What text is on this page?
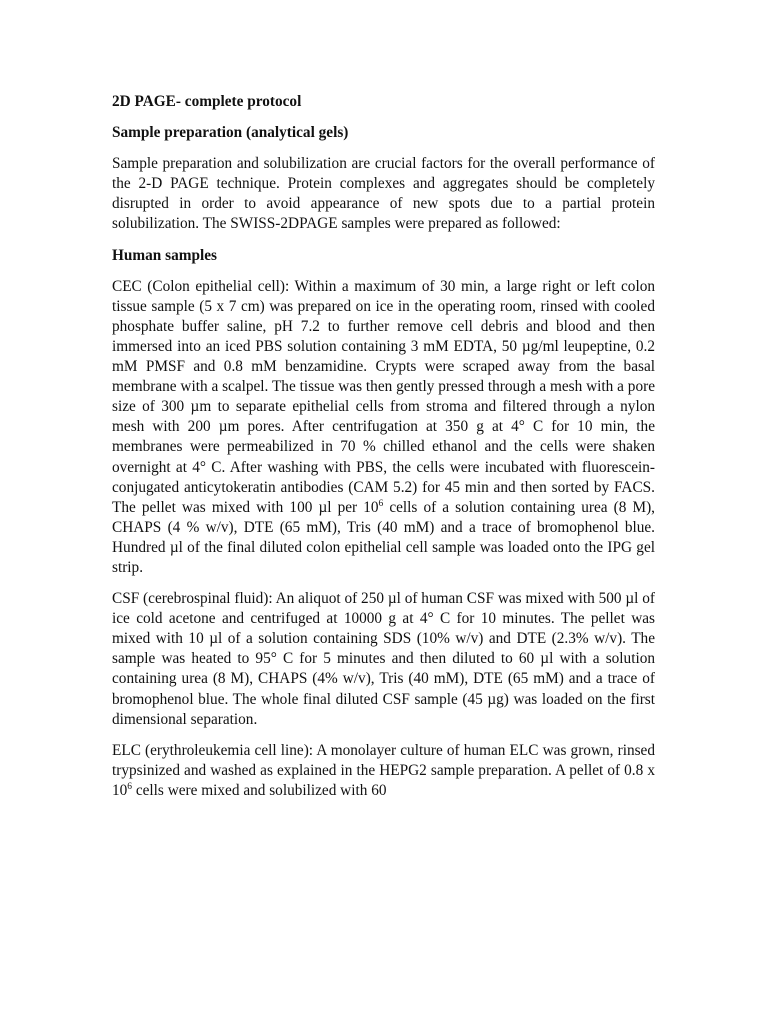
2D PAGE- complete protocol

Sample preparation (analytical gels)

Sample preparation and solubilization are crucial factors for the overall performance of the 2-D PAGE technique. Protein complexes and aggregates should be completely disrupted in order to avoid appearance of new spots due to a partial protein solubilization. The SWISS-2DPAGE samples were prepared as followed:

Human samples

CEC (Colon epithelial cell): Within a maximum of 30 min, a large right or left colon tissue sample (5 x 7 cm) was prepared on ice in the operating room, rinsed with cooled phosphate buffer saline, pH 7.2 to further remove cell debris and blood and then immersed into an iced PBS solution containing 3 mM EDTA, 50 µg/ml leupeptine, 0.2 mM PMSF and 0.8 mM benzamidine. Crypts were scraped away from the basal membrane with a scalpel. The tissue was then gently pressed through a mesh with a pore size of 300 µm to separate epithelial cells from stroma and filtered through a nylon mesh with 200 µm pores. After centrifugation at 350 g at 4° C for 10 min, the membranes were permeabilized in 70 % chilled ethanol and the cells were shaken overnight at 4° C. After washing with PBS, the cells were incubated with fluorescein-conjugated anticytokeratin antibodies (CAM 5.2) for 45 min and then sorted by FACS. The pellet was mixed with 100 µl per $10^6$ cells of a solution containing urea (8 M), CHAPS (4 % w/v), DTE (65 mM), Tris (40 mM) and a trace of bromophenol blue. Hundred µl of the final diluted colon epithelial cell sample was loaded onto the IPG gel strip.

CSF (cerebrospinal fluid): An aliquot of 250 µl of human CSF was mixed with 500 µl of ice cold acetone and centrifuged at 10000 g at 4° C for 10 minutes. The pellet was mixed with 10 µl of a solution containing SDS (10% w/v) and DTE (2.3% w/v). The sample was heated to 95° C for 5 minutes and then diluted to 60 µl with a solution containing urea (8 M), CHAPS (4% w/v), Tris (40 mM), DTE (65 mM) and a trace of bromophenol blue. The whole final diluted CSF sample (45 µg) was loaded on the first dimensional separation.

ELC (erythroleukemia cell line): A monolayer culture of human ELC was grown, rinsed trypsinized and washed as explained in the HEPG2 sample preparation. A pellet of 0.8 x $10^6$ cells were mixed and solubilized with 60
